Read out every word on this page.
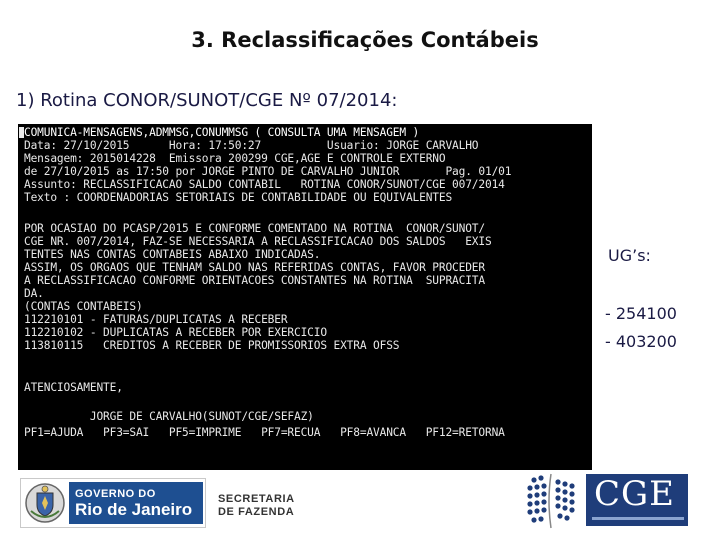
3. Reclassificações Contábeis
1) Rotina CONOR/SUNOT/CGE Nº 07/2014:
COMUNICA-MENSAGENS,ADMMSG,CONUMMSG ( CONSULTA UMA MENSAGEM )
Data: 27/10/2015      Hora: 17:50:27          Usuario: JORGE CARVALHO
Mensagem: 2015014228  Emissora 200299 CGE,AGE E CONTROLE EXTERNO
de 27/10/2015 as 17:50 por JORGE PINTO DE CARVALHO JUNIOR       Pag. 01/01
Assunto: RECLASSIFICACAO SALDO CONTABIL   ROTINA CONOR/SUNOT/CGE 007/2014
Texto : COORDENADORIAS SETORIAIS DE CONTABILIDADE OU EQUIVALENTES
POR OCASIAO DO PCASP/2015 E CONFORME COMENTADO NA ROTINA  CONOR/SUNOT/
CGE NR. 007/2014, FAZ-SE NECESSARIA A RECLASSIFICACAO DOS SALDOS   EXIS
TENTES NAS CONTAS CONTABEIS ABAIXO INDICADAS.
ASSIM, OS ORGAOS QUE TENHAM SALDO NAS REFERIDAS CONTAS, FAVOR PROCEDER
A RECLASSIFICACAO CONFORME ORIENTACOES CONSTANTES NA ROTINA  SUPRACITA
DA.
(CONTAS CONTABEIS)
112210101 - FATURAS/DUPLICATAS A RECEBER
112210102 - DUPLICATAS A RECEBER POR EXERCICIO
113810115   CREDITOS A RECEBER DE PROMISSORIOS EXTRA OFSS
ATENCIOSAMENTE,
JORGE DE CARVALHO(SUNOT/CGE/SEFAZ)
PF1=AJUDA   PF3=SAI   PF5=IMPRIME   PF7=RECUA   PF8=AVANCA   PF12=RETORNA
UG’s:
- 254100
- 403200
GOVERNO DO
Rio de Janeiro
SECRETARIA
DE FAZENDA	CGE
